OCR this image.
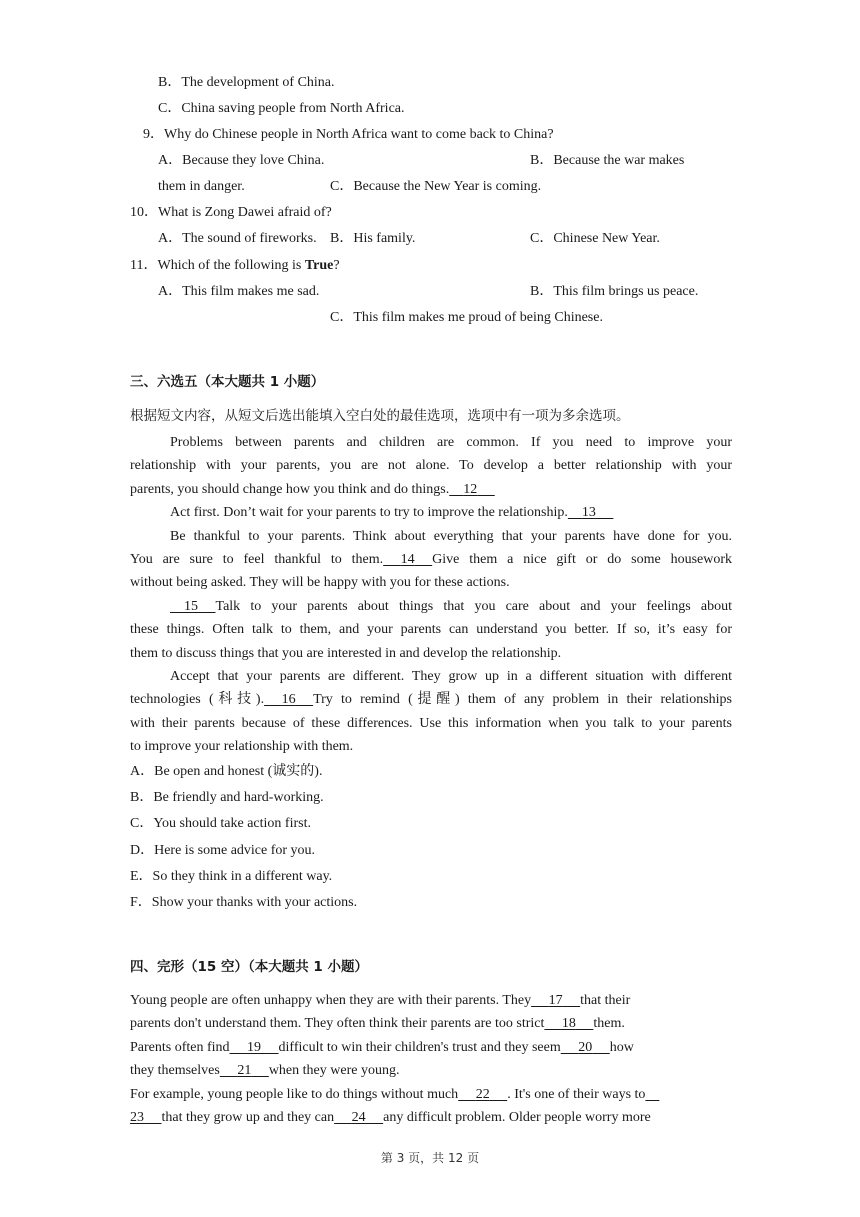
B．The development of China.
C．China saving people from North Africa.
9．Why do Chinese people in North Africa want to come back to China?
A．Because they love China.	B．Because the war makes
them in danger.	C．Because the New Year is coming.
10．What is Zong Dawei afraid of?
A．The sound of fireworks. B．His family.	C．Chinese New Year.
11．Which of the following is True?
A．This film makes me sad.	B．This film brings us peace.
C．This film makes me proud of being Chinese.
三、六选五（本大题共 1 小题）
根据短文内容，从短文后选出能填入空白处的最佳选项，选项中有一项为多余选项。
Problems between parents and children are common. If you need to improve your
relationship with your parents, you are not alone. To develop a better relationship with your
parents, you should change how you think and do things. 12
Act first. Don’t wait for your parents to try to improve the relationship. 13
Be thankful to your parents. Think about everything that your parents have done for you.
You are sure to feel thankful to them. 14 Give them a nice gift or do some housework
without being asked. They will be happy with you for these actions.
15 Talk to your parents about things that you care about and your feelings about
these things. Often talk to them, and your parents can understand you better. If so, it’s easy for
them to discuss things that you are interested in and develop the relationship.
Accept that your parents are different. They grow up in a different situation with different
technologies (科技). 16 Try to remind (提醒) them of any problem in their relationships
with their parents because of these differences. Use this information when you talk to your parents
to improve your relationship with them.
A．Be open and honest (诚实的).
B．Be friendly and hard-working.
C．You should take action first.
D．Here is some advice for you.
E．So they think in a different way.
F．Show your thanks with your actions.
四、完形（15 空）（本大题共 1 小题）
Young people are often unhappy when they are with their parents. They 17 that their
parents don't understand them. They often think their parents are too strict 18 them.
Parents often find 19 difficult to win their children's trust and they seem 20 how
they themselves 21 when they were young.
For example, young people like to do things without much 22 . It's one of their ways to
23 that they grow up and they can 24 any difficult problem. Older people worry more
第 3 页，共 12 页
